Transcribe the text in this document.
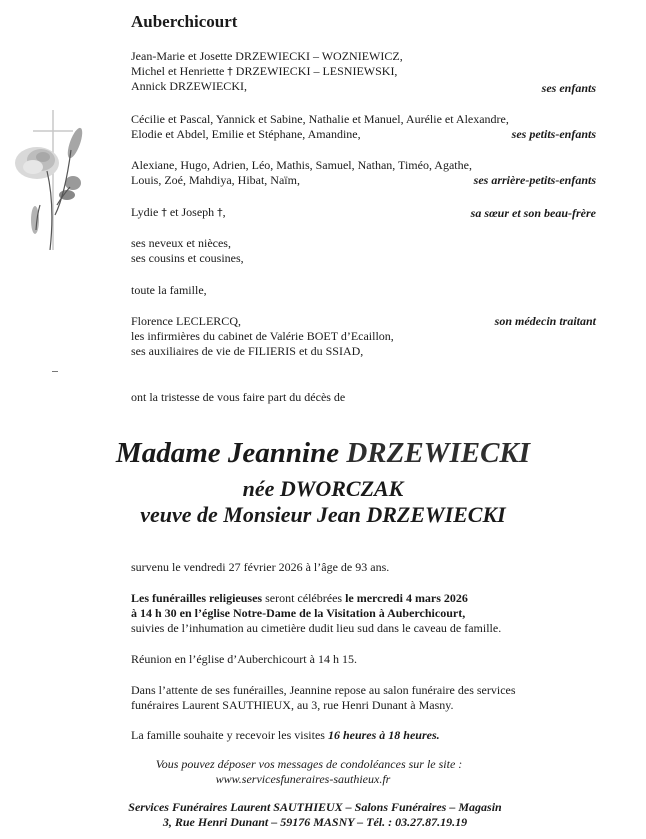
Auberchicourt
Jean-Marie et Josette DRZEWIECKI – WOZNIEWICZ,
Michel et Henriette † DRZEWIECKI – LESNIEWSKI,
Annick DRZEWIECKI,	ses enfants
Cécilie et Pascal, Yannick et Sabine, Nathalie et Manuel, Aurélie et Alexandre,
Elodie et Abdel, Emilie et Stéphane, Amandine,	ses petits-enfants
Alexiane, Hugo, Adrien, Léo, Mathis, Samuel, Nathan, Timéo, Agathe,
Louis, Zoé, Mahdiya, Hibat, Naïm,	ses arrière-petits-enfants
Lydie † et Joseph †,	sa sœur et son beau-frère
ses neveux et nièces,
ses cousins et cousines,
toute la famille,
Florence LECLERCQ,	son médecin traitant
les infirmières du cabinet de Valérie BOET d’Ecaillon,
ses auxiliaires de vie de FILIERIS et du SSIAD,
ont la tristesse de vous faire part du décès de
Madame Jeannine DRZEWIECKI
née DWORCZAK
veuve de Monsieur Jean DRZEWIECKI
survenu le vendredi 27 février 2026 à l’âge de 93 ans.
Les funérailles religieuses seront célébrées le mercredi 4 mars 2026
à 14 h 30 en l’église Notre-Dame de la Visitation à Auberchicourt,
suivies de l’inhumation au cimetière dudit lieu sud dans le caveau de famille.
Réunion en l’église d’Auberchicourt à 14 h 15.
Dans l’attente de ses funérailles, Jeannine repose au salon funéraire des services
funéraires Laurent SAUTHIEUX, au 3, rue Henri Dunant à Masny.
La famille souhaite y recevoir les visites 16 heures à 18 heures.
Vous pouvez déposer vos messages de condoléances sur le site :
www.servicesfuneraires-sauthieux.fr
Services Funéraires Laurent SAUTHIEUX – Salons Funéraires – Magasin
3, Rue Henri Dunant – 59176 MASNY – Tél. : 03.27.87.19.19
